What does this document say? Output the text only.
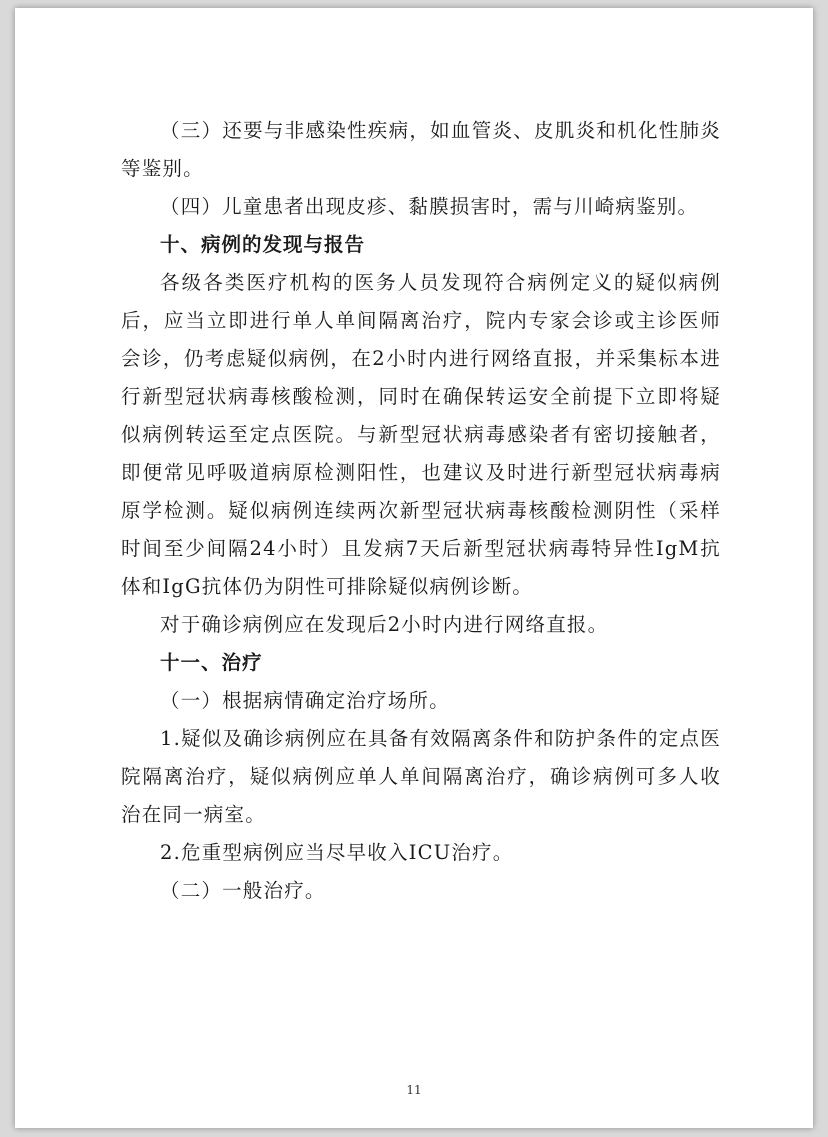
（三）还要与非感染性疾病，如血管炎、皮肌炎和机化性肺炎等鉴别。

（四）儿童患者出现皮疹、黏膜损害时，需与川崎病鉴别。

十、病例的发现与报告

各级各类医疗机构的医务人员发现符合病例定义的疑似病例后，应当立即进行单人单间隔离治疗，院内专家会诊或主诊医师会诊，仍考虑疑似病例，在2小时内进行网络直报，并采集标本进行新型冠状病毒核酸检测，同时在确保转运安全前提下立即将疑似病例转运至定点医院。与新型冠状病毒感染者有密切接触者，即便常见呼吸道病原检测阳性，也建议及时进行新型冠状病毒病原学检测。疑似病例连续两次新型冠状病毒核酸检测阴性（采样时间至少间隔24小时）且发病7天后新型冠状病毒特异性IgM抗体和IgG抗体仍为阴性可排除疑似病例诊断。

对于确诊病例应在发现后2小时内进行网络直报。

十一、治疗

（一）根据病情确定治疗场所。

1.疑似及确诊病例应在具备有效隔离条件和防护条件的定点医院隔离治疗，疑似病例应单人单间隔离治疗，确诊病例可多人收治在同一病室。

2.危重型病例应当尽早收入ICU治疗。

（二）一般治疗。

11
